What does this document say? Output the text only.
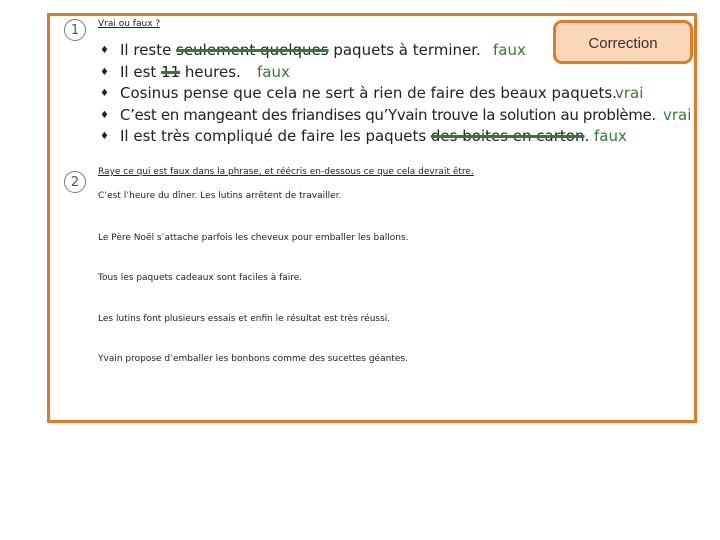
1	Vrai ou faux ?
♦ Il reste seulement quelques paquets à terminer. faux
♦ Il est 11 heures. faux
♦ Cosinus pense que cela ne sert à rien de faire des beaux paquets.
vrai
♦ C’est en mangeant des friandises qu’Yvain trouve la solution au problème. vrai
♦ Il est très compliqué de faire les paquets des boites en carton. faux
Correction
2
Raye ce qui est faux dans la phrase, et réécris en-dessous ce que cela devrait être.
C’est l’heure du dîner. Les lutins arrêtent de travailler.
Le Père Noël s’attache parfois les cheveux pour emballer les ballons.
Tous les paquets cadeaux sont faciles à faire.
Les lutins font plusieurs essais et enfin le résultat est très réussi.
Yvain propose d’emballer les bonbons comme des sucettes géantes.
